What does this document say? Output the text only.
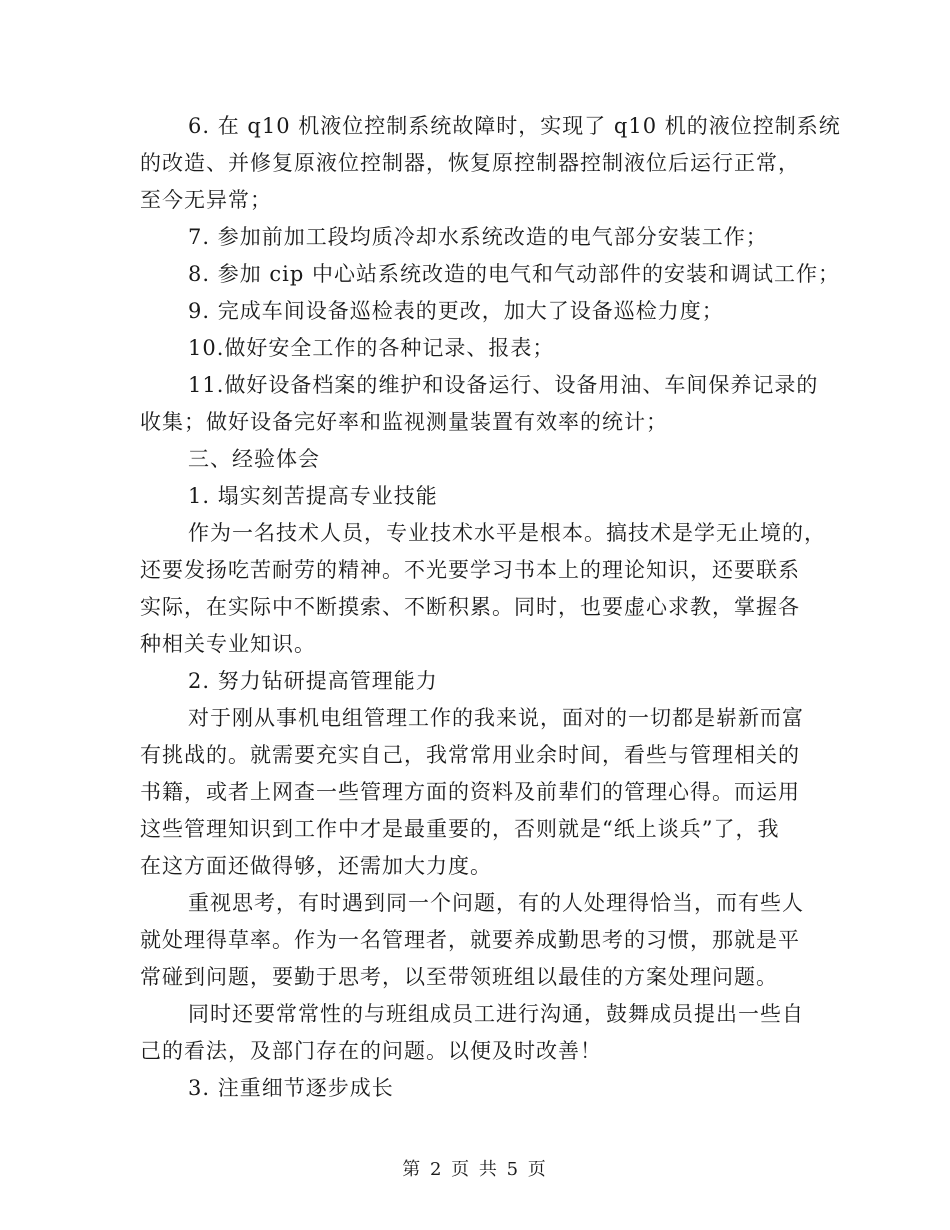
6. 在 q10 机液位控制系统故障时，实现了 q10 机的液位控制系统
的改造、并修复原液位控制器，恢复原控制器控制液位后运行正常，
至今无异常；
7. 参加前加工段均质冷却水系统改造的电气部分安装工作；
8. 参加 cip 中心站系统改造的电气和气动部件的安装和调试工作；
9. 完成车间设备巡检表的更改，加大了设备巡检力度；
10.做好安全工作的各种记录、报表；
11.做好设备档案的维护和设备运行、设备用油、车间保养记录的
收集；做好设备完好率和监视测量装置有效率的统计；
三、经验体会
1. 塌实刻苦提高专业技能
作为一名技术人员，专业技术水平是根本。搞技术是学无止境的，
还要发扬吃苦耐劳的精神。不光要学习书本上的理论知识，还要联系
实际，在实际中不断摸索、不断积累。同时，也要虚心求教，掌握各
种相关专业知识。
2. 努力钻研提高管理能力
对于刚从事机电组管理工作的我来说，面对的一切都是崭新而富
有挑战的。就需要充实自己，我常常用业余时间，看些与管理相关的
书籍，或者上网查一些管理方面的资料及前辈们的管理心得。而运用
这些管理知识到工作中才是最重要的，否则就是“纸上谈兵”了，我
在这方面还做得够，还需加大力度。
重视思考，有时遇到同一个问题，有的人处理得恰当，而有些人
就处理得草率。作为一名管理者，就要养成勤思考的习惯，那就是平
常碰到问题，要勤于思考，以至带领班组以最佳的方案处理问题。
同时还要常常性的与班组成员工进行沟通，鼓舞成员提出一些自
己的看法，及部门存在的问题。以便及时改善！
3. 注重细节逐步成长
第 2 页 共 5 页
